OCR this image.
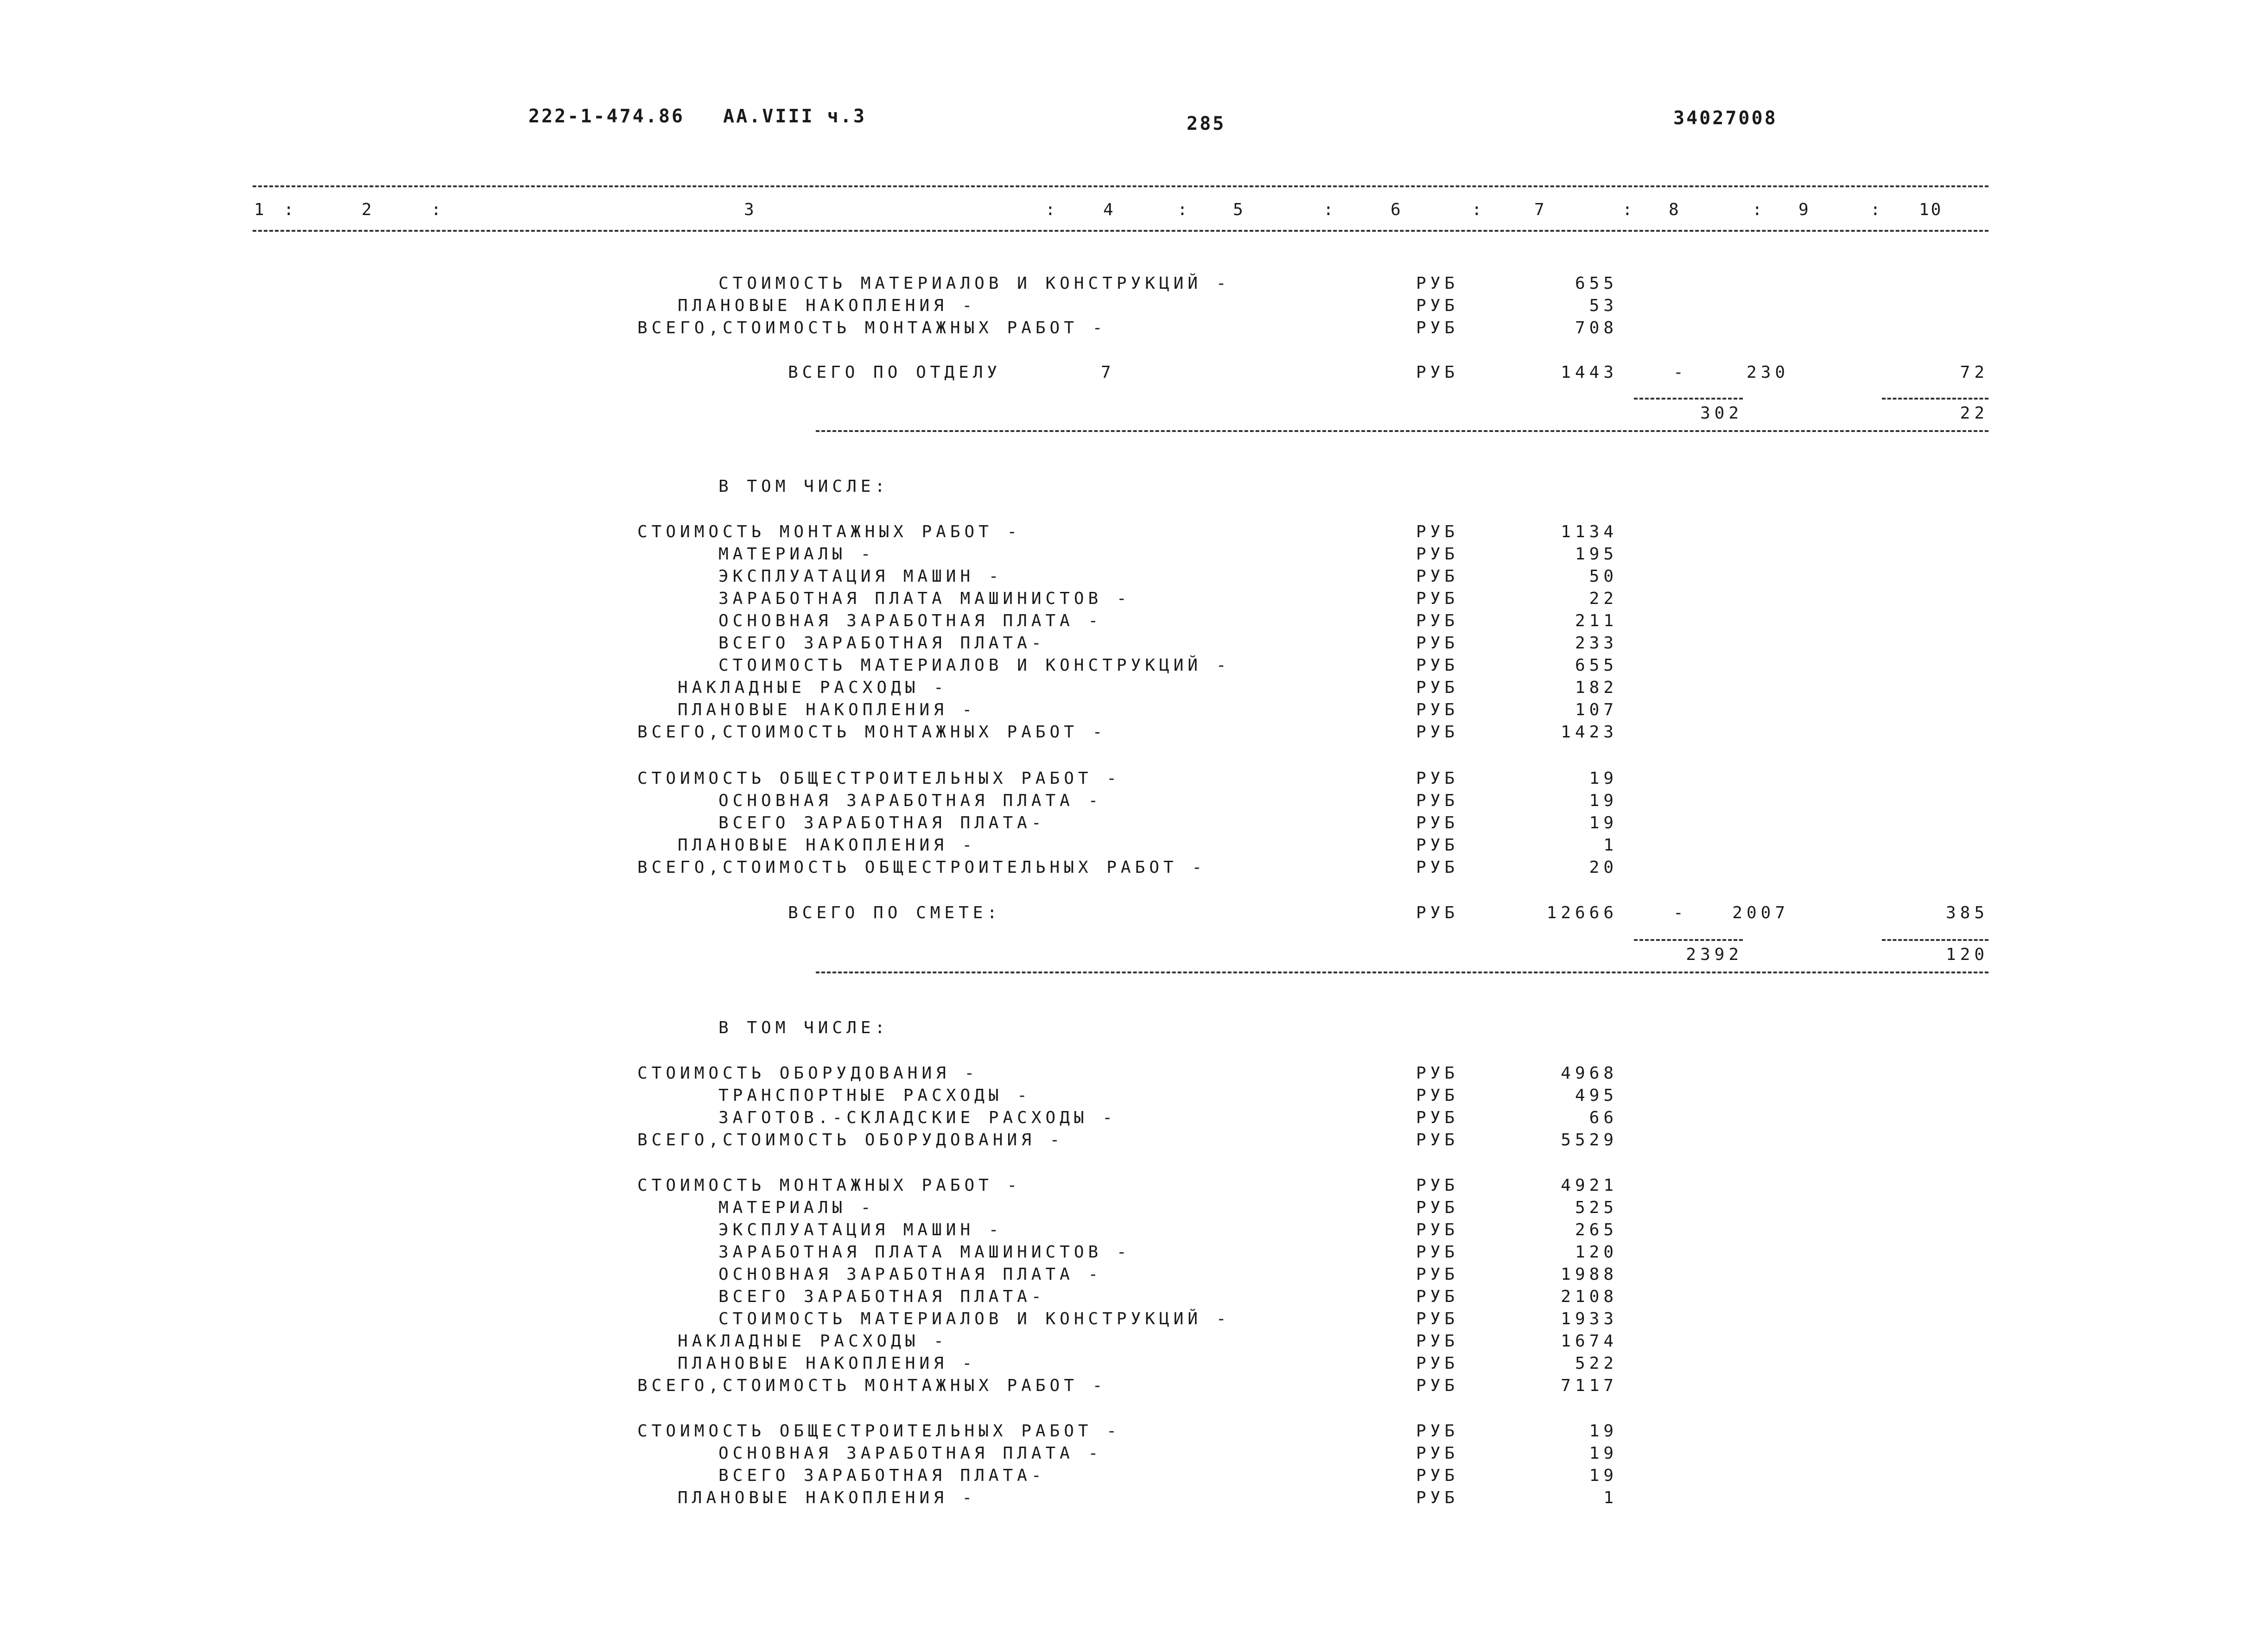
222-1-474.86 АА.VIII ч.3	285	34027008
1 :	2	:	3	:	4	:	5	:	6	:	7	: 8	: 9	: 10
СТОИМОСТЬ МАТЕРИАЛОВ И КОНСТРУКЦИЙ -	РУБ	655
ПЛАНОВЫЕ НАКОПЛЕНИЯ -	РУБ	53
ВСЕГО,СТОИМОСТЬ МОНТАЖНЫХ РАБОТ -	РУБ	708
ВСЕГО ПО ОТДЕЛУ       7	РУБ	1443	-	230	72
302	22
В ТОМ ЧИСЛЕ:
СТОИМОСТЬ МОНТАЖНЫХ РАБОТ -	РУБ	1134
МАТЕРИАЛЫ -	РУБ	195
ЭКСПЛУАТАЦИЯ МАШИН -	РУБ	50
ЗАРАБОТНАЯ ПЛАТА МАШИНИСТОВ -	РУБ	22
ОСНОВНАЯ ЗАРАБОТНАЯ ПЛАТА -	РУБ	211
ВСЕГО ЗАРАБОТНАЯ ПЛАТА-	РУБ	233
СТОИМОСТЬ МАТЕРИАЛОВ И КОНСТРУКЦИЙ -	РУБ	655
НАКЛАДНЫЕ РАСХОДЫ -	РУБ	182
ПЛАНОВЫЕ НАКОПЛЕНИЯ -	РУБ	107
ВСЕГО,СТОИМОСТЬ МОНТАЖНЫХ РАБОТ -	РУБ	1423
СТОИМОСТЬ ОБЩЕСТРОИТЕЛЬНЫХ РАБОТ -	РУБ	19
ОСНОВНАЯ ЗАРАБОТНАЯ ПЛАТА -	РУБ	19
ВСЕГО ЗАРАБОТНАЯ ПЛАТА-	РУБ	19
ПЛАНОВЫЕ НАКОПЛЕНИЯ -	РУБ	1
ВСЕГО,СТОИМОСТЬ ОБЩЕСТРОИТЕЛЬНЫХ РАБОТ -	РУБ	20
ВСЕГО ПО СМЕТЕ:	РУБ	12666	-	2007	385
2392	120
В ТОМ ЧИСЛЕ:
СТОИМОСТЬ ОБОРУДОВАНИЯ -	РУБ	4968
ТРАНСПОРТНЫЕ РАСХОДЫ -	РУБ	495
ЗАГОТОВ.-СКЛАДСКИЕ РАСХОДЫ -	РУБ	66
ВСЕГО,СТОИМОСТЬ ОБОРУДОВАНИЯ -	РУБ	5529
СТОИМОСТЬ МОНТАЖНЫХ РАБОТ -	РУБ	4921
МАТЕРИАЛЫ -	РУБ	525
ЭКСПЛУАТАЦИЯ МАШИН -	РУБ	265
ЗАРАБОТНАЯ ПЛАТА МАШИНИСТОВ -	РУБ	120
ОСНОВНАЯ ЗАРАБОТНАЯ ПЛАТА -	РУБ	1988
ВСЕГО ЗАРАБОТНАЯ ПЛАТА-	РУБ	2108
СТОИМОСТЬ МАТЕРИАЛОВ И КОНСТРУКЦИЙ -	РУБ	1933
НАКЛАДНЫЕ РАСХОДЫ -	РУБ	1674
ПЛАНОВЫЕ НАКОПЛЕНИЯ -	РУБ	522
ВСЕГО,СТОИМОСТЬ МОНТАЖНЫХ РАБОТ -	РУБ	7117
СТОИМОСТЬ ОБЩЕСТРОИТЕЛЬНЫХ РАБОТ -	РУБ	19
ОСНОВНАЯ ЗАРАБОТНАЯ ПЛАТА -	РУБ	19
ВСЕГО ЗАРАБОТНАЯ ПЛАТА-	РУБ	19
ПЛАНОВЫЕ НАКОПЛЕНИЯ -	РУБ	1
